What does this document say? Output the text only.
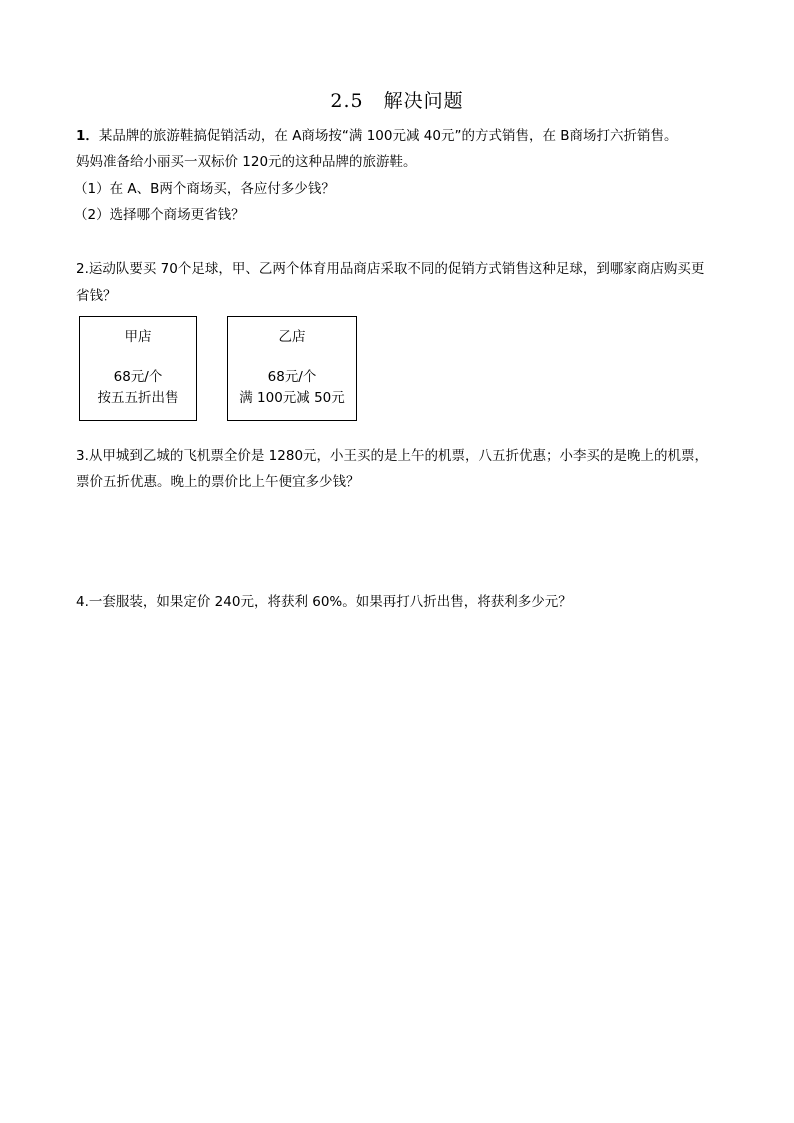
2.5　解决问题
1．某品牌的旅游鞋搞促销活动，在 A商场按“满 100元减 40元”的方式销售，在 B商场打六折销售。
妈妈准备给小丽买一双标价 120元的这种品牌的旅游鞋。
（1）在 A、B两个商场买，各应付多少钱？
（2）选择哪个商场更省钱？
2.运动队要买 70个足球，甲、乙两个体育用品商店采取不同的促销方式销售这种足球，到哪家商店购买更
省钱？
甲店
68元/个
按五五折出售
乙店
68元/个
满 100元减 50元
3.从甲城到乙城的飞机票全价是 1280元，小王买的是上午的机票，八五折优惠；小李买的是晚上的机票，
票价五折优惠。晚上的票价比上午便宜多少钱？
4.一套服装，如果定价 240元，将获利 60%。如果再打八折出售，将获利多少元？
